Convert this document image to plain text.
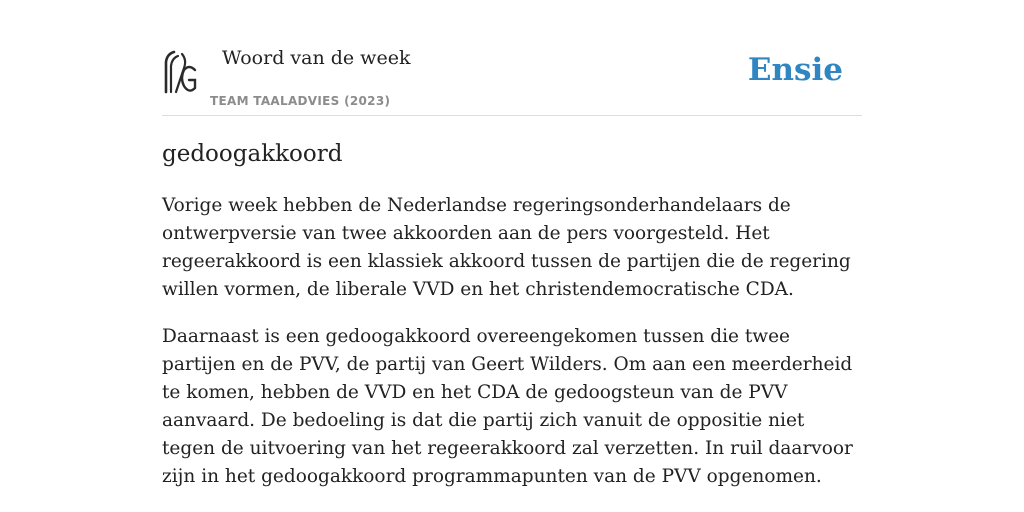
Woord van de week
TEAM TAALADVIES (2023)
Ensie
gedoogakkoord

Vorige week hebben de Nederlandse regeringsonderhandelaars de ontwerpversie van twee akkoorden aan de pers voorgesteld. Het regeerakkoord is een klassiek akkoord tussen de partijen die de regering willen vormen, de liberale VVD en het christendemocratische CDA.

Daarnaast is een gedoogakkoord overeengekomen tussen die twee partijen en de PVV, de partij van Geert Wilders. Om aan een meerderheid te komen, hebben de VVD en het CDA de gedoogsteun van de PVV aanvaard. De bedoeling is dat die partij zich vanuit de oppositie niet tegen de uitvoering van het regeerakkoord zal verzetten. In ruil daarvoor zijn in het gedoogakkoord programmapunten van de PVV opgenomen.
